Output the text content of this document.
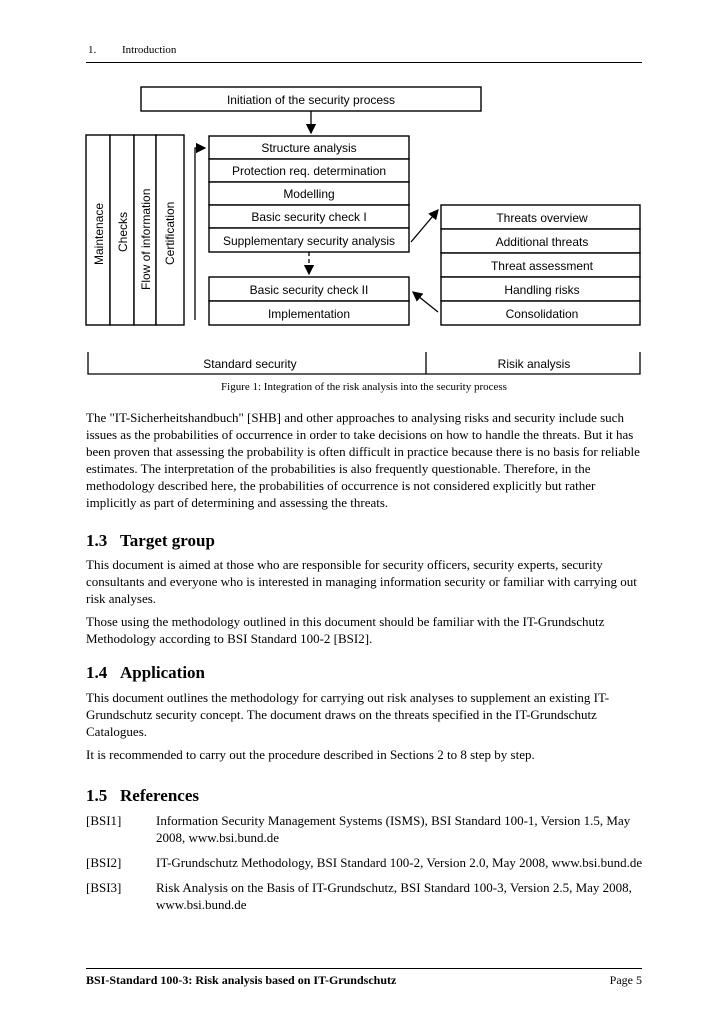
1. Introduction
Initiation of the security process
Maintenace Checks Flow of information Certification
Structure analysis
Protection req. determination
Modelling
Basic security check I
Supplementary security analysis
Basic security check II
Implementation
Threats overview
Additional threats
Threat assessment
Handling risks
Consolidation
Standard security	Risik analysis
Figure 1: Integration of the risk analysis into the security process

The "IT-Sicherheitshandbuch" [SHB] and other approaches to analysing risks and security include such issues as the probabilities of occurrence in order to take decisions on how to handle the threats. But it has been proven that assessing the probability is often difficult in practice because there is no basis for reliable estimates. The interpretation of the probabilities is also frequently questionable. Therefore, in the methodology described here, the probabilities of occurrence is not considered explicitly but rather implicitly as part of determining and assessing the threats.

1.3 Target group

This document is aimed at those who are responsible for security officers, security experts, security consultants and everyone who is interested in managing information security or familiar with carrying out risk analyses.

Those using the methodology outlined in this document should be familiar with the IT-Grundschutz Methodology according to BSI Standard 100-2 [BSI2].

1.4 Application

This document outlines the methodology for carrying out risk analyses to supplement an existing IT-Grundschutz security concept. The document draws on the threats specified in the IT-Grundschutz Catalogues.

It is recommended to carry out the procedure described in Sections 2 to 8 step by step.

1.5 References
[BSI1]	Information Security Management Systems (ISMS), BSI Standard 100-1, Version 1.5, May 2008, www.bsi.bund.de
[BSI2]	IT-Grundschutz Methodology, BSI Standard 100-2, Version 2.0, May 2008, www.bsi.bund.de
[BSI3]	Risk Analysis on the Basis of IT-Grundschutz, BSI Standard 100-3, Version 2.5, May 2008, www.bsi.bund.de
BSI-Standard 100-3: Risk analysis based on IT-Grundschutz	Page 5
